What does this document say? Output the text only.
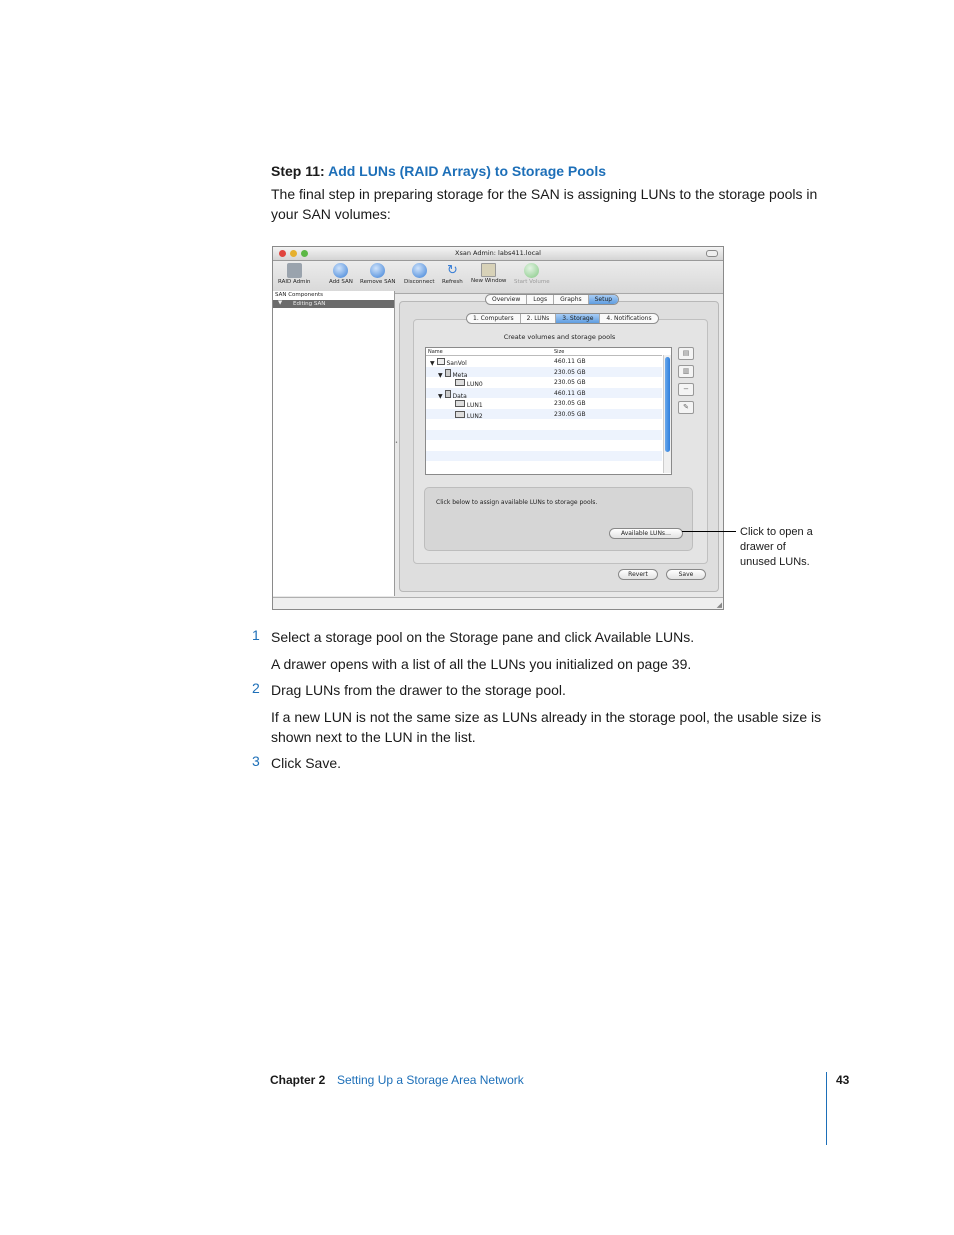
Step 11: Add LUNs (RAID Arrays) to Storage Pools
The final step in preparing storage for the SAN is assigning LUNs to the storage pools in your SAN volumes:
Xsan Admin: labs411.local
RAID Admin	Add SAN Remove SAN Disconnect
↻
Refresh New Window Start Volume
SAN Components
▼ Editing SAN
•
Overview	Logs	Graphs	Setup
1. Computers	2. LUNs	3. Storage	4. Notifications
Create volumes and storage pools
Name	Size
▼ SanVol	460.11 GB
▼ Meta	230.05 GB
LUN0	230.05 GB
▼ Data	460.11 GB
LUN1	230.05 GB
LUN2	230.05 GB
▤
▥
−
✎
Click below to assign available LUNs to storage pools.
Available LUNs…
Revert	Save
◢
Click to open a drawer of unused LUNs.
1 Select a storage pool on the Storage pane and click Available LUNs.
A drawer opens with a list of all the LUNs you initialized on page 39.
2 Drag LUNs from the drawer to the storage pool.
If a new LUN is not the same size as LUNs already in the storage pool, the usable size is shown next to the LUN in the list.
3 Click Save.
Chapter 2 Setting Up a Storage Area Network	43
